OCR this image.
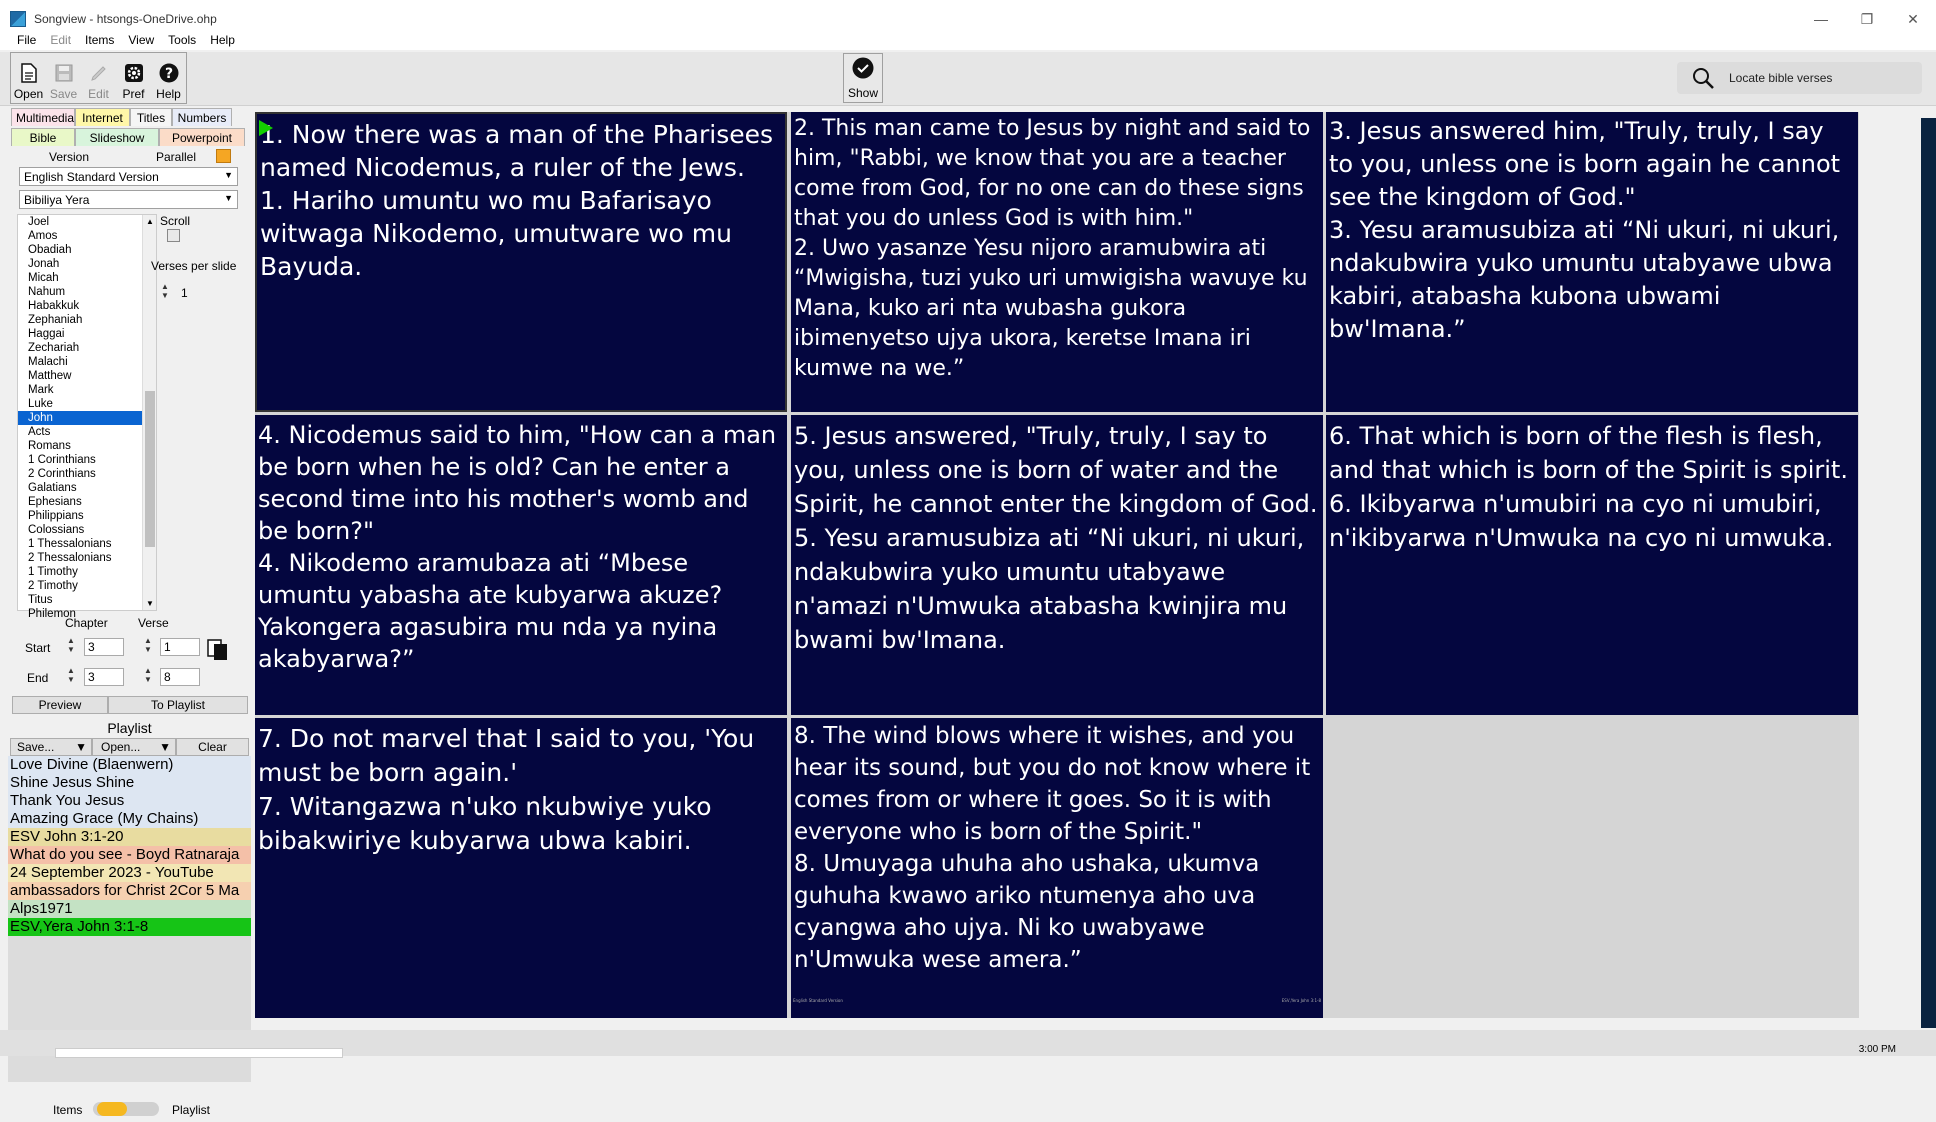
Songview - htsongs-OneDrive.ohp	—	❐	✕
File	Edit	Items	View	Tools	Help
Open Save Edit Pref
?
Help	Show
Locate bible verses
Multimedia Internet	Titles	Numbers
Bible	Slideshow	Powerpoint
Version	Parallel
English Standard Version	▼
Bibiliya Yera	▼
Joel
Amos
Obadiah
Jonah
Micah
Nahum
Habakkuk
Zephaniah
Haggai
Zechariah
Malachi
Matthew
Mark
Luke
John
Acts
Romans
1 Corinthians
2 Corinthians
Galatians
Ephesians
Philippians
Colossians
1 Thessalonians
2 Thessalonians
1 Timothy
2 Timothy
Titus
Philemon
▲
▼
Scroll
Verses per slide
▲
▼ 1
Chapter	Verse
Start
▲
▼	3	▲
▼	1
End
▲
▼	3	▲
▼	8
Preview	To Playlist
Playlist
Save... ▼	Open... ▼	Clear
Love Divine (Blaenwern)
Shine Jesus Shine
Thank You Jesus
Amazing Grace (My Chains)
ESV John 3:1-20
What do you see - Boyd Ratnaraja
24 September 2023 - YouTube
ambassadors for Christ 2Cor 5 Ma
Alps1971
ESV,Yera John 3:1-8
Items	Playlist

1. Now there was a man of the Pharisees named Nicodemus, a ruler of the Jews.
1. Hariho umuntu wo mu Bafarisayo witwaga Nikodemo, umutware wo mu Bayuda.

2. This man came to Jesus by night and said to him, "Rabbi, we know that you are a teacher come from God, for no one can do these signs that you do unless God is with him."
2. Uwo yasanze Yesu nijoro aramubwira ati “Mwigisha, tuzi yuko uri umwigisha wavuye ku Mana, kuko ari nta wubasha gukora ibimenyetso ujya ukora, keretse Imana iri kumwe na we.”

3. Jesus answered him, "Truly, truly, I say to you, unless one is born again he cannot see the kingdom of God."
3. Yesu aramusubiza ati “Ni ukuri, ni ukuri, ndakubwira yuko umuntu utabyawe ubwa kabiri, atabasha kubona ubwami bw'Imana.”

4. Nicodemus said to him, "How can a man be born when he is old? Can he enter a second time into his mother's womb and be born?"
4. Nikodemo aramubaza ati “Mbese umuntu yabasha ate kubyarwa akuze? Yakongera agasubira mu nda ya nyina akabyarwa?”

5. Jesus answered, "Truly, truly, I say to you, unless one is born of water and the Spirit, he cannot enter the kingdom of God.
5. Yesu aramusubiza ati “Ni ukuri, ni ukuri, ndakubwira yuko umuntu utabyawe n'amazi n'Umwuka atabasha kwinjira mu bwami bw'Imana.

6. That which is born of the flesh is flesh, and that which is born of the Spirit is spirit.
6. Ikibyarwa n'umubiri na cyo ni umubiri, n'ikibyarwa n'Umwuka na cyo ni umwuka.

7. Do not marvel that I said to you, 'You must be born again.'
7. Witangazwa n'uko nkubwiye yuko bibakwiriye kubyarwa ubwa kabiri.

8. The wind blows where it wishes, and you hear its sound, but you do not know where it comes from or where it goes. So it is with everyone who is born of the Spirit."
8. Umuyaga uhuha aho ushaka, ukumva guhuha kwawo ariko ntumenya aho uva cyangwa aho ujya. Ni ko uwabyawe n'Umwuka wese amera.”

English Standard Version	ESV,Yera John 3:1-8
3:00 PM
